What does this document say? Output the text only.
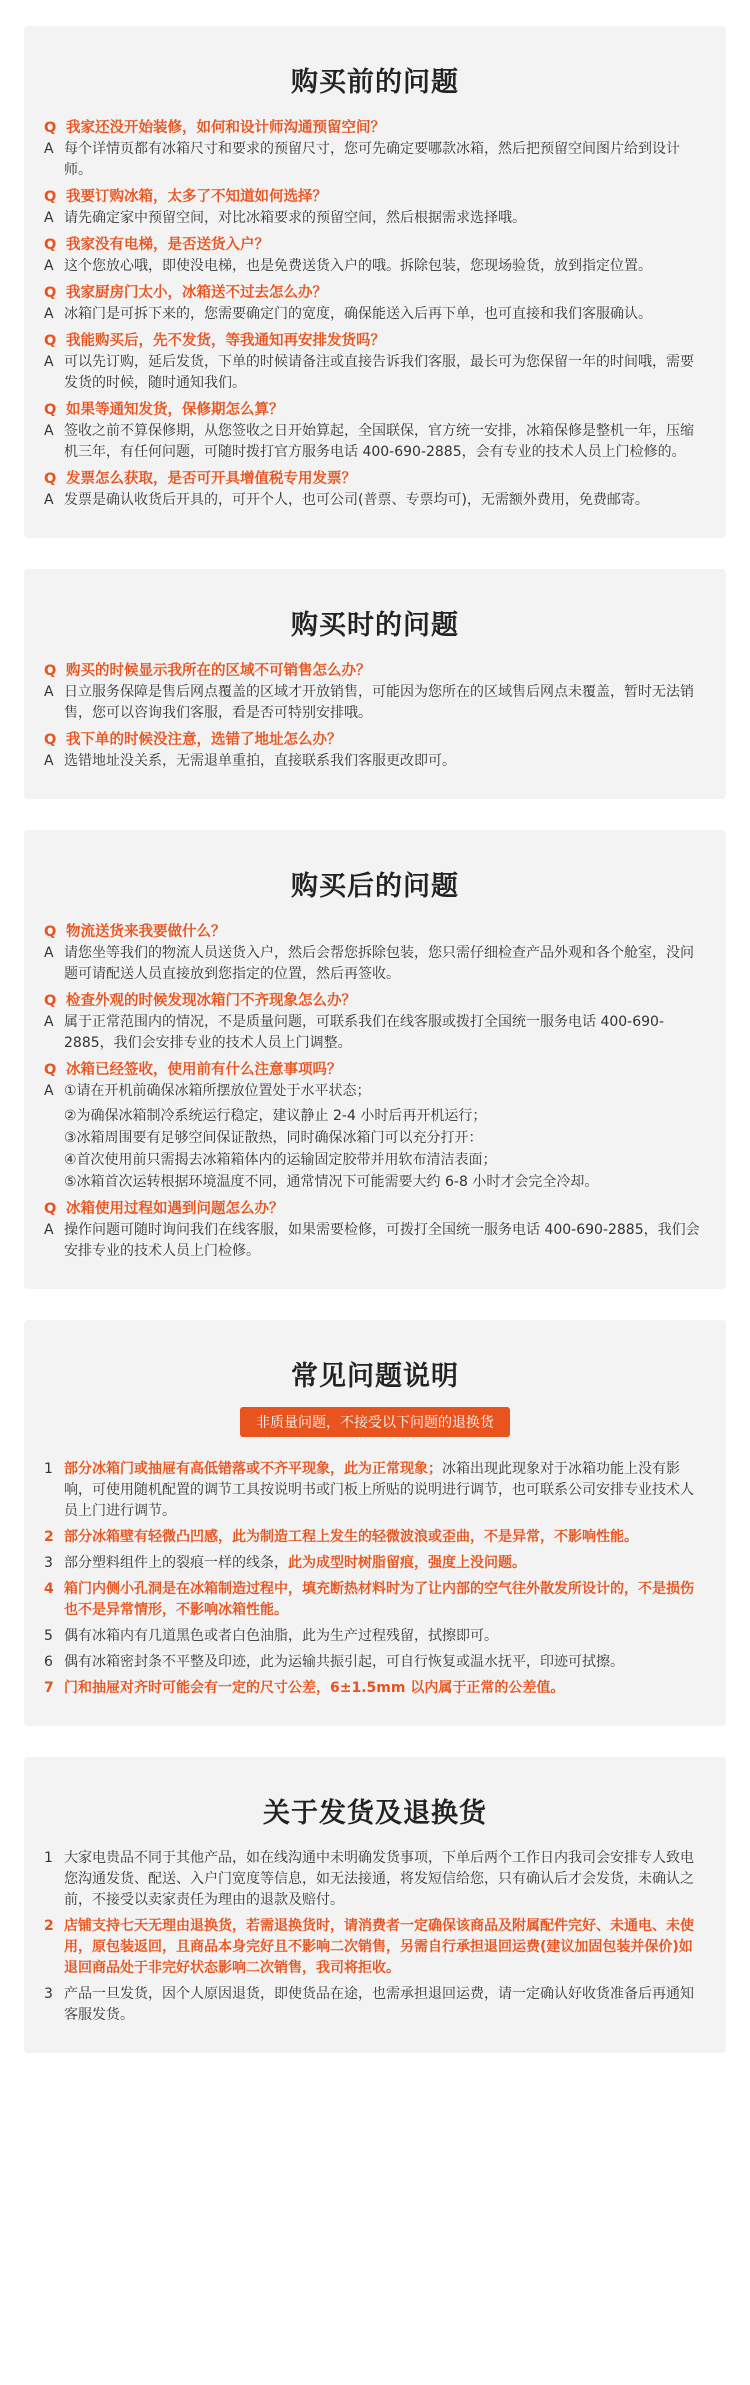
购买前的问题
Q 我家还没开始装修，如何和设计师沟通预留空间？
A 每个详情页都有冰箱尺寸和要求的预留尺寸，您可先确定要哪款冰箱，然后把预留空间图片给到设计师。
Q 我要订购冰箱，太多了不知道如何选择？
A 请先确定家中预留空间，对比冰箱要求的预留空间，然后根据需求选择哦。
Q 我家没有电梯，是否送货入户？
A 这个您放心哦，即使没电梯，也是免费送货入户的哦。拆除包装，您现场验货，放到指定位置。
Q 我家厨房门太小，冰箱送不过去怎么办？
A 冰箱门是可拆下来的，您需要确定门的宽度，确保能送入后再下单，也可直接和我们客服确认。
Q 我能购买后，先不发货，等我通知再安排发货吗？
A 可以先订购，延后发货，下单的时候请备注或直接告诉我们客服，最长可为您保留一年的时间哦，需要发货的时候，随时通知我们。
Q 如果等通知发货，保修期怎么算？
A 签收之前不算保修期，从您签收之日开始算起，全国联保，官方统一安排，冰箱保修是整机一年，压缩机三年，有任何问题，可随时拨打官方服务电话 400-690-2885，会有专业的技术人员上门检修的。
Q 发票怎么获取，是否可开具增值税专用发票？
A 发票是确认收货后开具的，可开个人，也可公司(普票、专票均可)，无需额外费用，免费邮寄。
购买时的问题
Q 购买的时候显示我所在的区域不可销售怎么办？
A 日立服务保障是售后网点覆盖的区域才开放销售，可能因为您所在的区域售后网点未覆盖，暂时无法销售，您可以咨询我们客服，看是否可特别安排哦。
Q 我下单的时候没注意，选错了地址怎么办？
A 选错地址没关系，无需退单重拍，直接联系我们客服更改即可。
购买后的问题
Q 物流送货来我要做什么？
A 请您坐等我们的物流人员送货入户，然后会帮您拆除包装，您只需仔细检查产品外观和各个舱室，没问题可请配送人员直接放到您指定的位置，然后再签收。
Q 检查外观的时候发现冰箱门不齐现象怎么办？
A 属于正常范围内的情况，不是质量问题，可联系我们在线客服或拨打全国统一服务电话 400-690-2885，我们会安排专业的技术人员上门调整。
Q 冰箱已经签收，使用前有什么注意事项吗？
A ①请在开机前确保冰箱所摆放位置处于水平状态；
②为确保冰箱制冷系统运行稳定，建议静止 2-4 小时后再开机运行；
③冰箱周围要有足够空间保证散热，同时确保冰箱门可以充分打开：
④首次使用前只需揭去冰箱箱体内的运输固定胶带并用软布清洁表面；
⑤冰箱首次运转根据环境温度不同，通常情况下可能需要大约 6-8 小时才会完全冷却。
Q 冰箱使用过程如遇到问题怎么办？
A 操作问题可随时询问我们在线客服，如果需要检修，可拨打全国统一服务电话 400-690-2885，我们会安排专业的技术人员上门检修。
常见问题说明
非质量问题，不接受以下问题的退换货
1 部分冰箱门或抽屉有高低错落或不齐平现象，此为正常现象；冰箱出现此现象对于冰箱功能上没有影响，可使用随机配置的调节工具按说明书或门板上所贴的说明进行调节，也可联系公司安排专业技术人员上门进行调节。
2 部分冰箱壁有轻微凸凹感，此为制造工程上发生的轻微波浪或歪曲，不是异常，不影响性能。
3 部分塑料组件上的裂痕一样的线条，此为成型时树脂留痕，强度上没问题。
4 箱门内侧小孔洞是在冰箱制造过程中，填充断热材料时为了让内部的空气往外散发所设计的，不是损伤也不是异常情形，不影响冰箱性能。
5 偶有冰箱内有几道黑色或者白色油脂，此为生产过程残留，拭擦即可。
6 偶有冰箱密封条不平整及印迹，此为运输共振引起，可自行恢复或温水抚平，印迹可拭擦。
7 门和抽屉对齐时可能会有一定的尺寸公差，6±1.5mm 以内属于正常的公差值。
关于发货及退换货
1 大家电贵品不同于其他产品，如在线沟通中未明确发货事项，下单后两个工作日内我司会安排专人致电您沟通发货、配送、入户门宽度等信息，如无法接通，将发短信给您，只有确认后才会发货，未确认之前，不接受以卖家责任为理由的退款及赔付。
2 店铺支持七天无理由退换货，若需退换货时，请消费者一定确保该商品及附属配件完好、未通电、未使用，原包装返回，且商品本身完好且不影响二次销售，另需自行承担退回运费(建议加固包装并保价)如退回商品处于非完好状态影响二次销售，我司将拒收。
3 产品一旦发货，因个人原因退货，即使货品在途，也需承担退回运费，请一定确认好收货准备后再通知客服发货。
